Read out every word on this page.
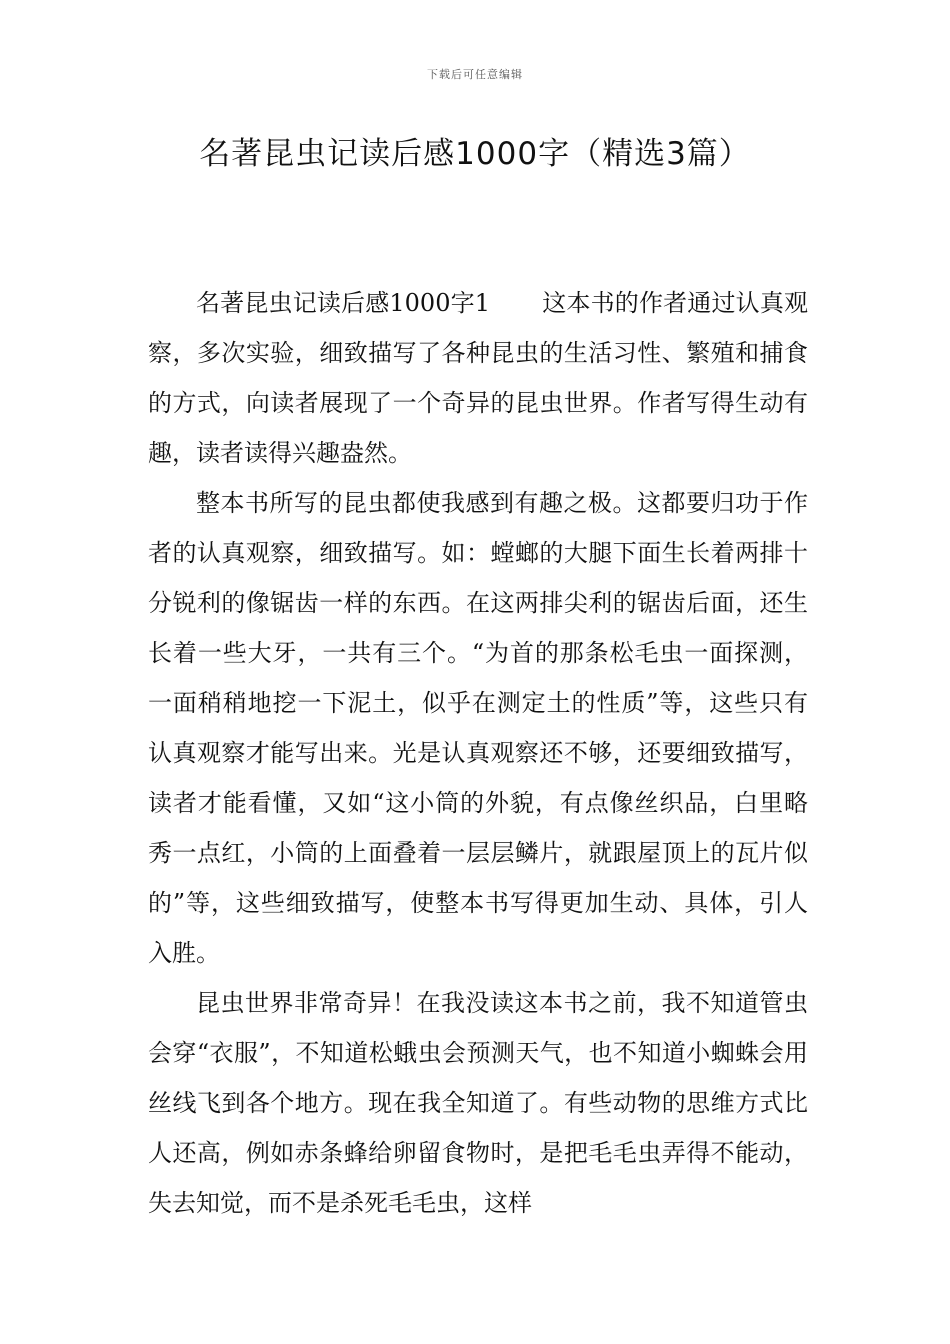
下载后可任意编辑
名著昆虫记读后感1000字（精选3篇）

名著昆虫记读后感1000字1 这本书的作者通过认真观察，多次实验，细致描写了各种昆虫的生活习性、繁殖和捕食的方式，向读者展现了一个奇异的昆虫世界。作者写得生动有趣，读者读得兴趣盎然。

整本书所写的昆虫都使我感到有趣之极。这都要归功于作者的认真观察，细致描写。如：螳螂的大腿下面生长着两排十分锐利的像锯齿一样的东西。在这两排尖利的锯齿后面，还生长着一些大牙，一共有三个。“为首的那条松毛虫一面探测，一面稍稍地挖一下泥土，似乎在测定土的性质”等，这些只有认真观察才能写出来。光是认真观察还不够，还要细致描写，读者才能看懂，又如“这小筒的外貌，有点像丝织品，白里略秀一点红，小筒的上面叠着一层层鳞片，就跟屋顶上的瓦片似的”等，这些细致描写，使整本书写得更加生动、具体，引人入胜。

昆虫世界非常奇异！在我没读这本书之前，我不知道管虫会穿“衣服”，不知道松蛾虫会预测天气，也不知道小蜘蛛会用丝线飞到各个地方。现在我全知道了。有些动物的思维方式比人还高，例如赤条蜂给卵留食物时，是把毛毛虫弄得不能动，失去知觉，而不是杀死毛毛虫，这样
